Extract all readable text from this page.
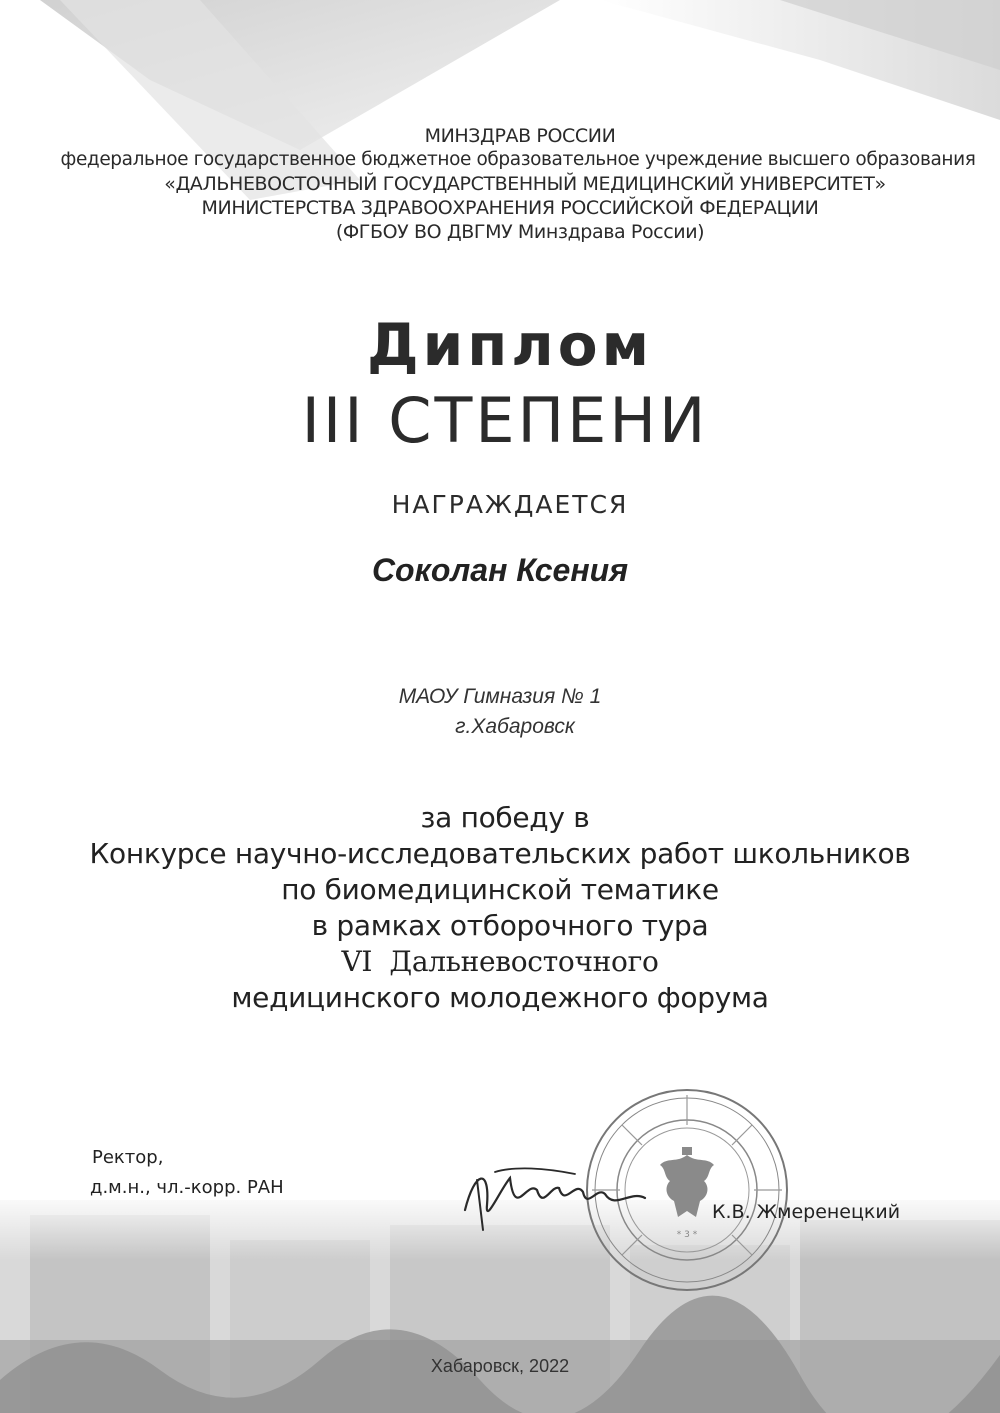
МИНЗДРАВ РОССИИ
федеральное государственное бюджетное образовательное учреждение высшего образования
«ДАЛЬНЕВОСТОЧНЫЙ ГОСУДАРСТВЕННЫЙ МЕДИЦИНСКИЙ УНИВЕРСИТЕТ»
МИНИСТЕРСТВА ЗДРАВООХРАНЕНИЯ РОССИЙСКОЙ ФЕДЕРАЦИИ
(ФГБОУ ВО ДВГМУ Минздрава России)
Диплом
III СТЕПЕНИ
НАГРАЖДАЕТСЯ
Соколан Ксения
МАОУ Гимназия № 1
г.Хабаровск
за победу в
Конкурсе научно-исследовательских работ школьников
по биомедицинской тематике
в рамках отборочного тура
VI  Дальневосточного
медицинского молодежного форума
Ректор,
д.м.н., чл.-корр. РАН
* 3 *
К.В. Жмеренецкий
Хабаровск, 2022
